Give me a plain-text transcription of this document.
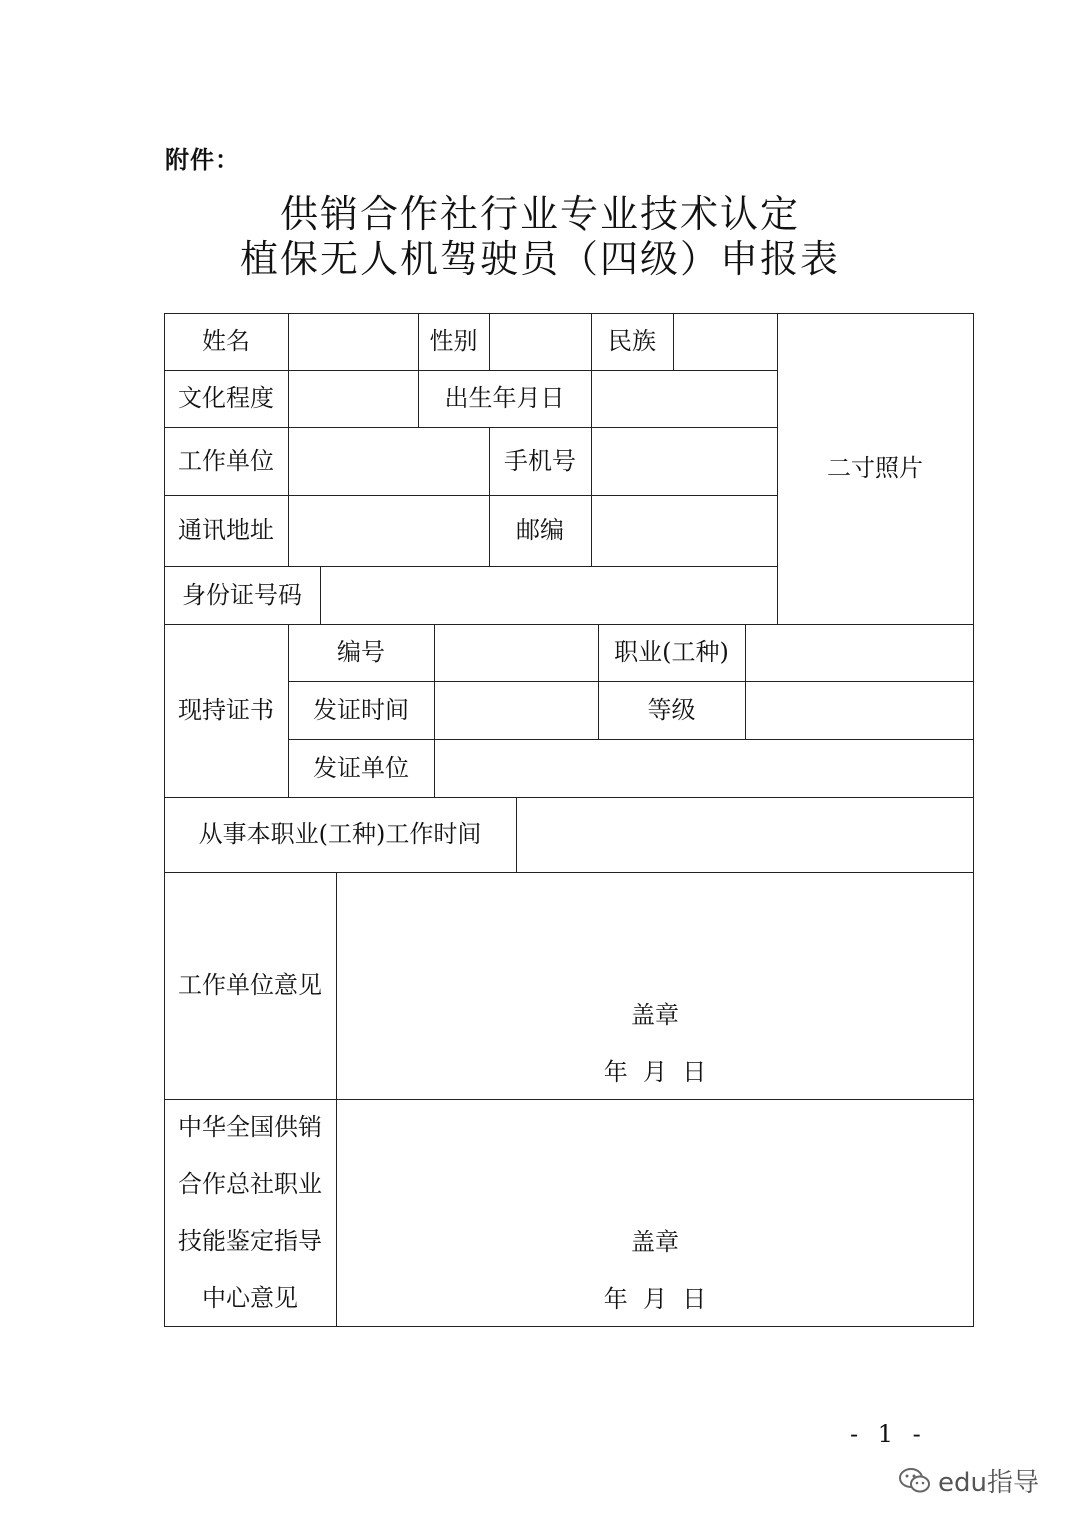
附件：
供销合作社行业专业技术认定
植保无人机驾驶员（四级）申报表
姓名	性别	民族
文化程度	出生年月日
工作单位	手机号
通讯地址	邮编
身份证号码
二寸照片
现持证书
编号	职业(工种)
发证时间	等级
发证单位
从事本职业(工种)工作时间
工作单位意见
盖章
年  月  日
中华全国供销
合作总社职业
技能鉴定指导
中心意见
盖章
年  月  日
- 1 -
edu指导
